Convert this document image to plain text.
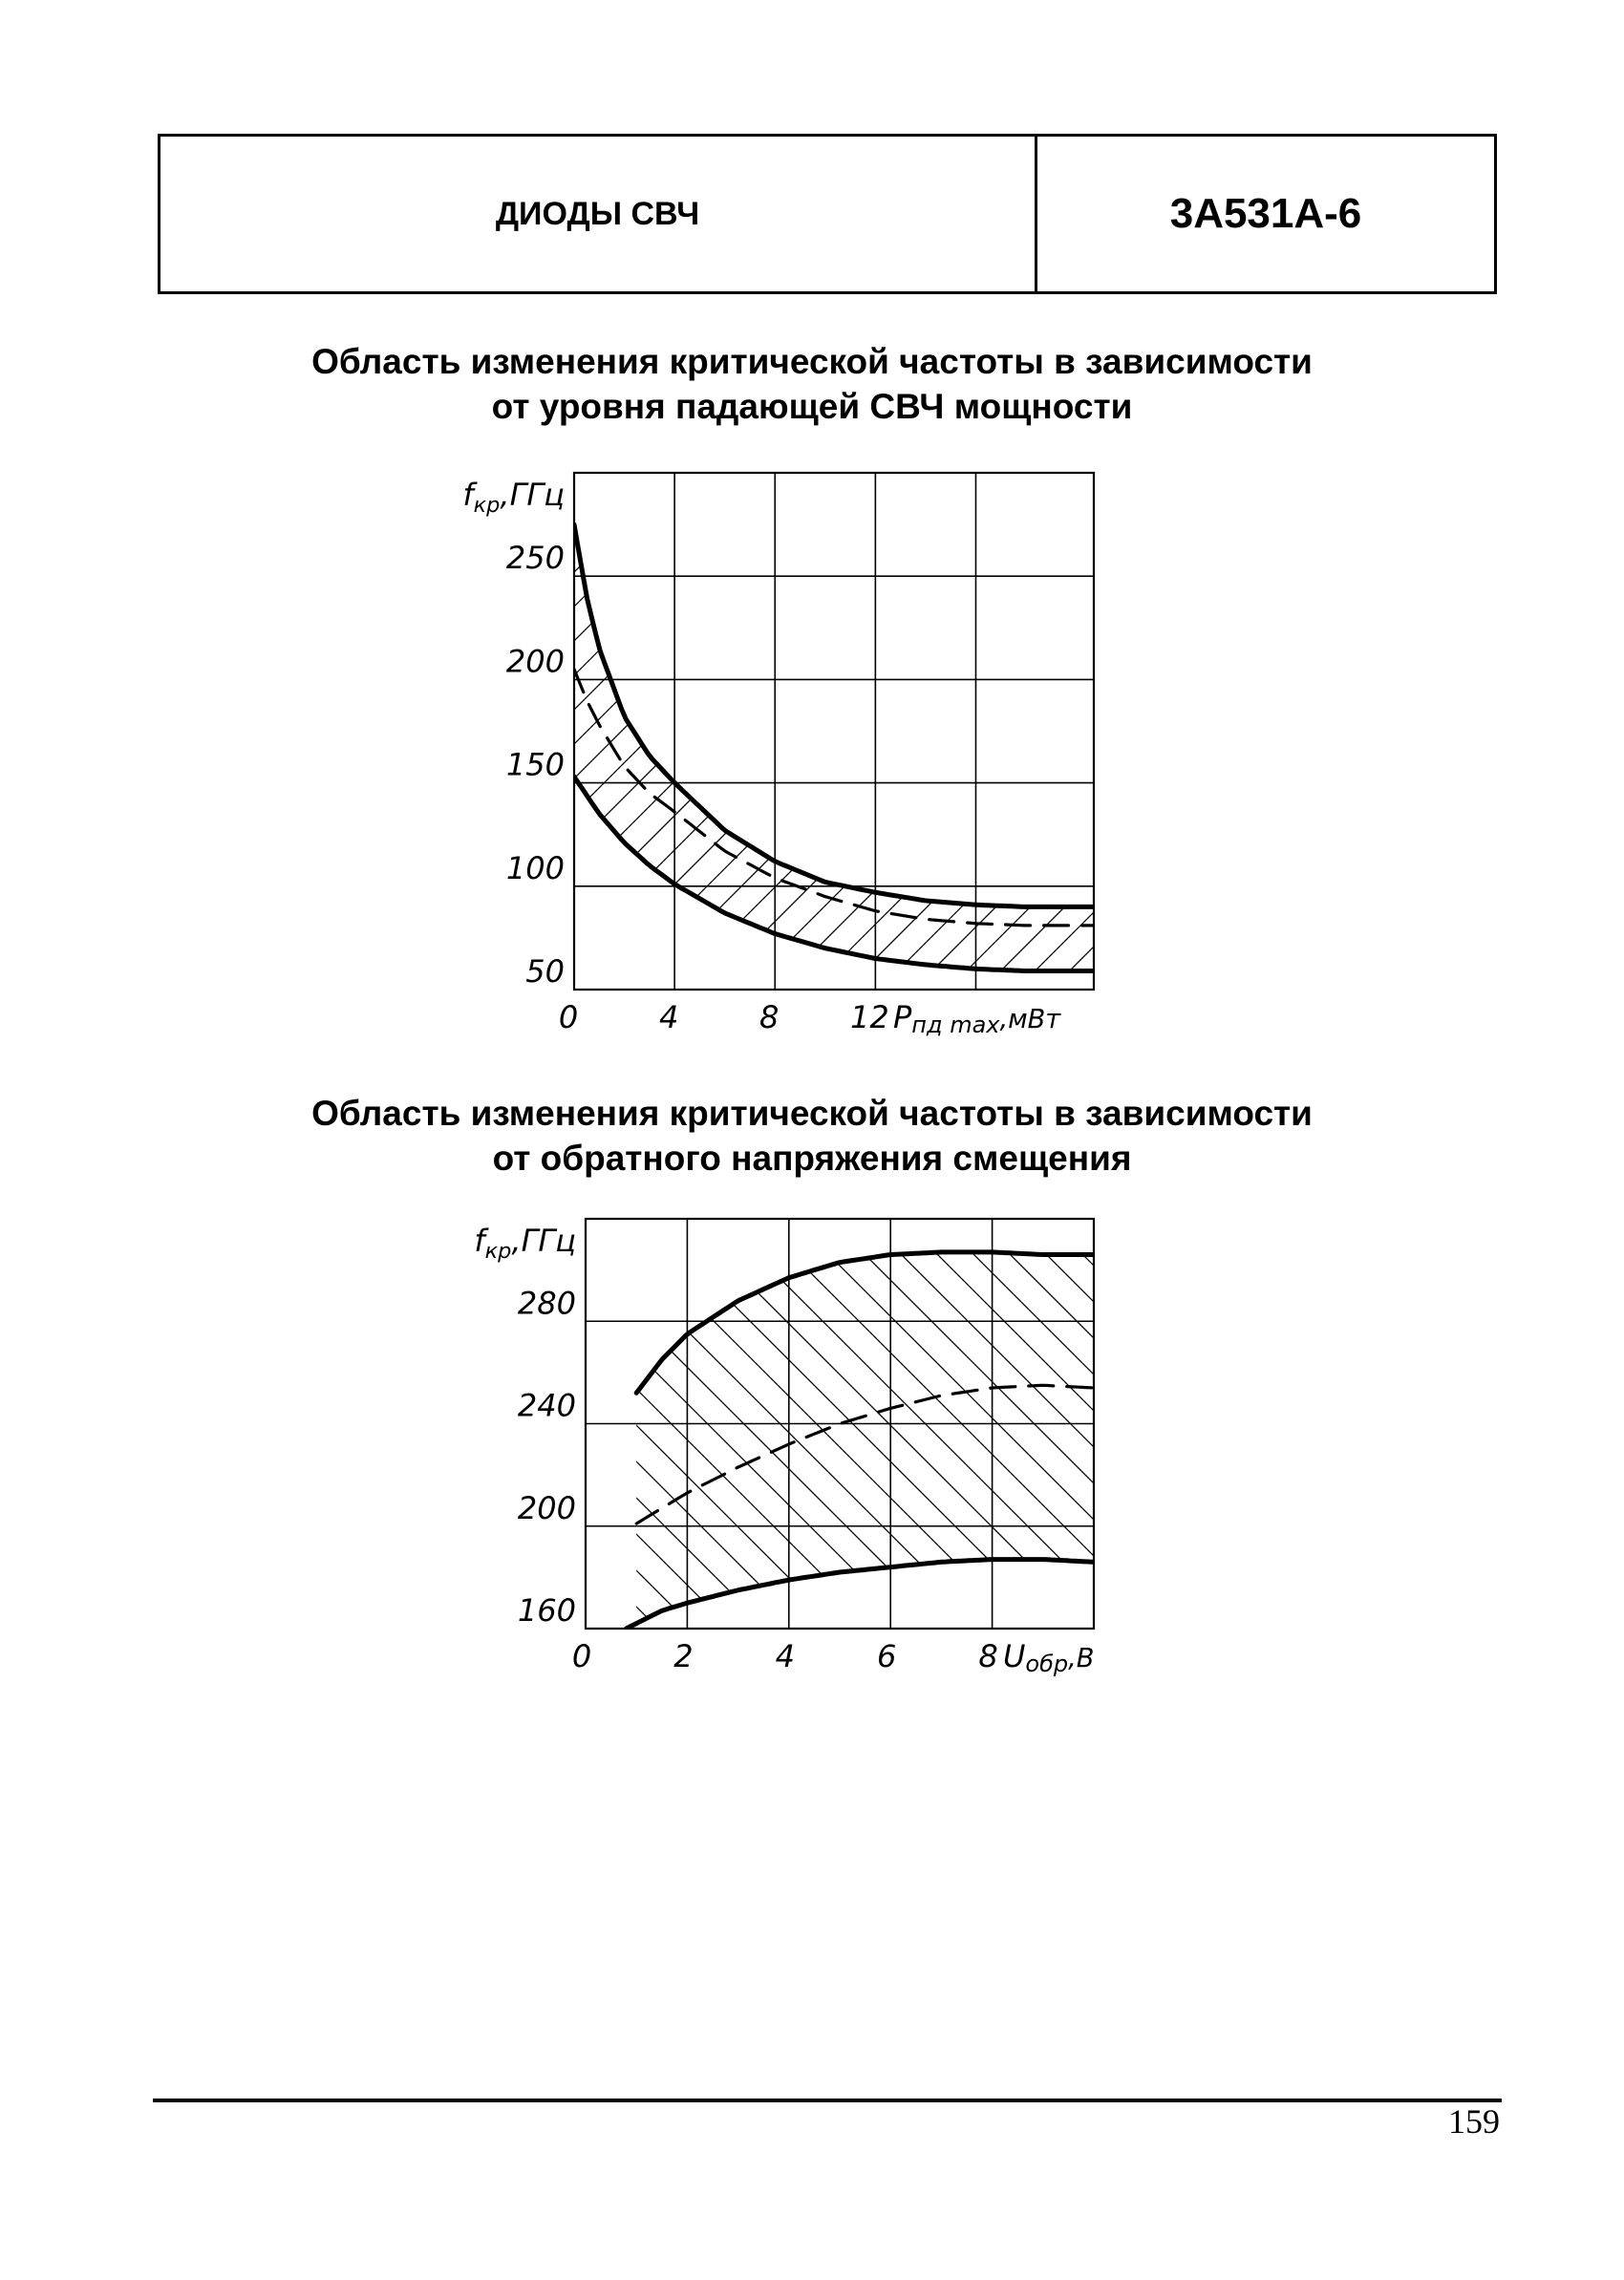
ДИОДЫ СВЧ	3А531А-6
Область изменения критической частоты в зависимости
от уровня падающей СВЧ мощности
50
100
150
200
250
0	4	8 12
$f_{кр},ГГц$
Pпд max,мВт
Область изменения критической частоты в зависимости
от обратного напряжения смещения
160
200
240
280
0	2	4	6	8
$f_{кр},ГГц$
Uобр,В
159
